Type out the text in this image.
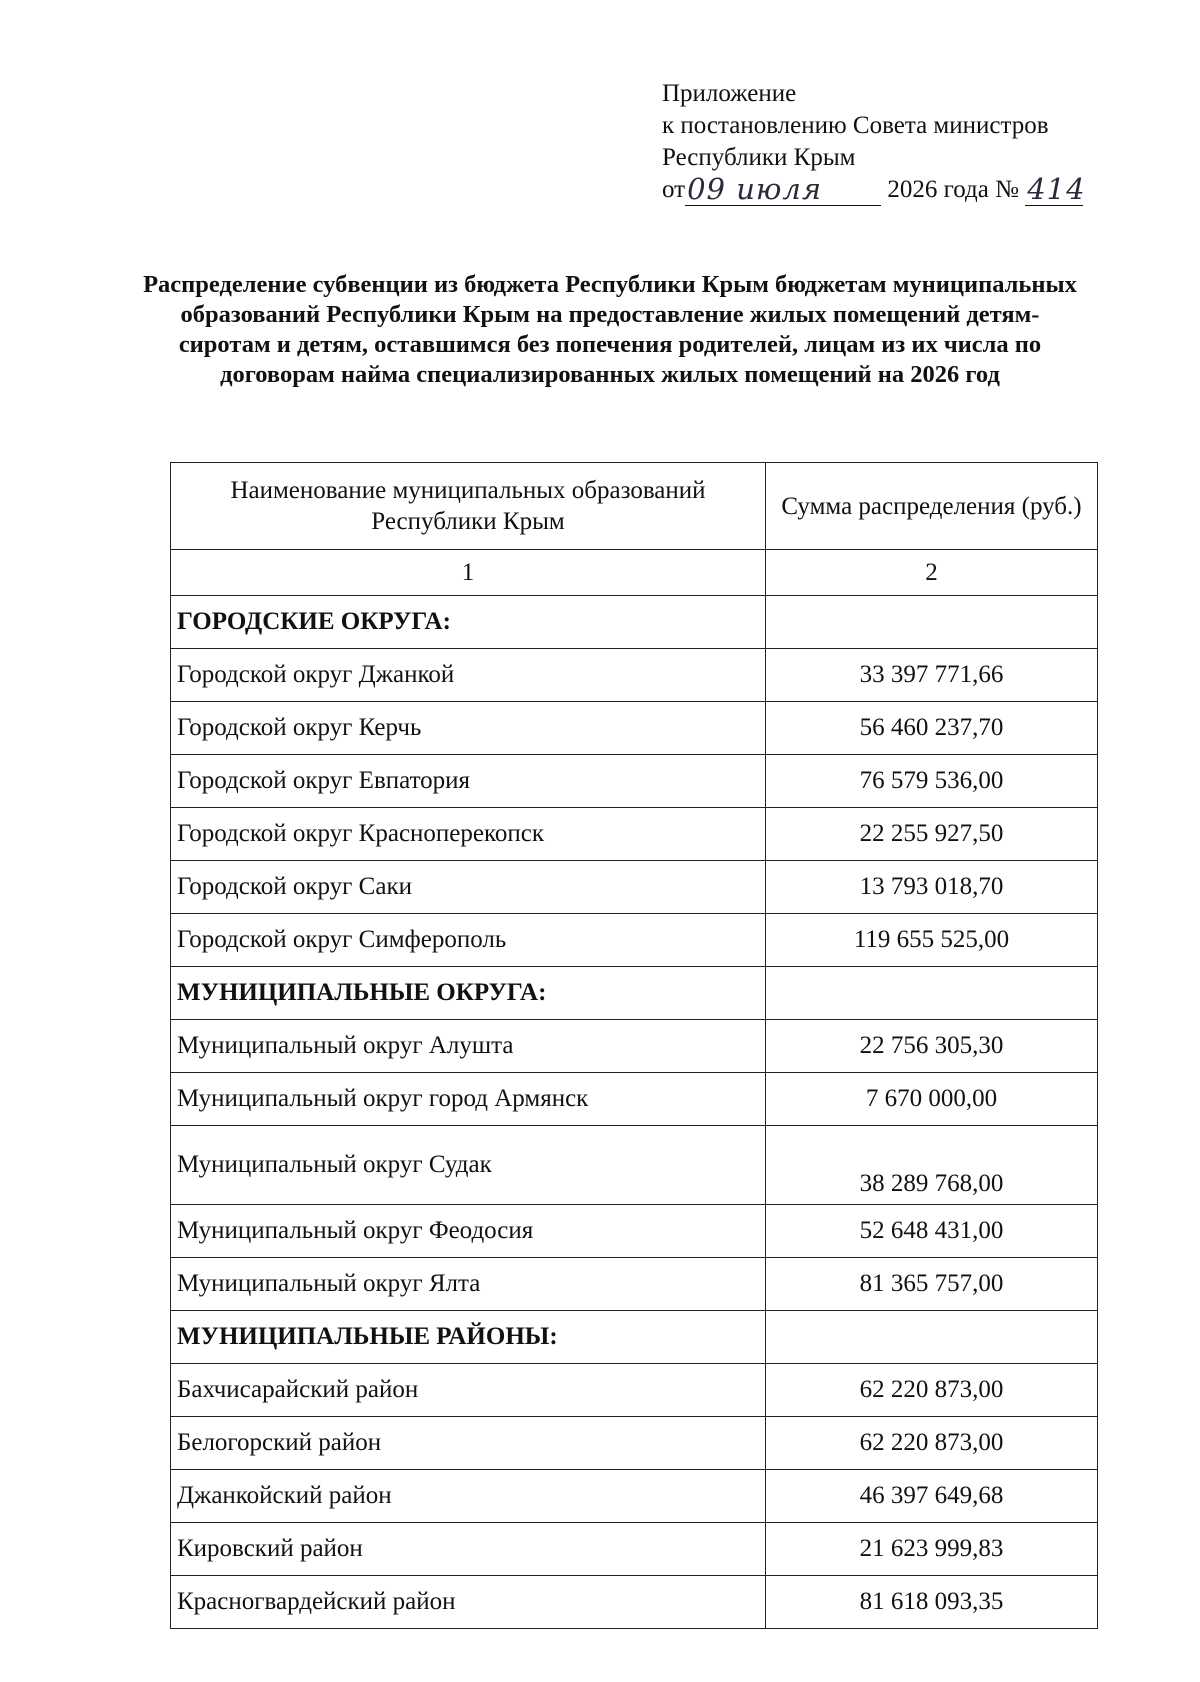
Приложение
к постановлению Совета министров
Республики Крым
от 09 июля	2026 года № 414
Распределение субвенции из бюджета Республики Крым бюджетам муниципальных образований Республики Крым на предоставление жилых помещений детям-сиротам и детям, оставшимся без попечения родителей, лицам из их числа по договорам найма специализированных жилых помещений на 2026 год
Наименование муниципальных образований Республики Крым	Сумма распределения (руб.)
1	2
ГОРОДСКИЕ ОКРУГА:	
Городской округ Джанкой	33 397 771,66
Городской округ Керчь	56 460 237,70
Городской округ Евпатория	76 579 536,00
Городской округ Красноперекопск	22 255 927,50
Городской округ Саки	13 793 018,70
Городской округ Симферополь	119 655 525,00
МУНИЦИПАЛЬНЫЕ ОКРУГА:	
Муниципальный округ Алушта	22 756 305,30
Муниципальный округ город Армянск	7 670 000,00
Муниципальный округ Судак	38 289 768,00
Муниципальный округ Феодосия	52 648 431,00
Муниципальный округ Ялта	81 365 757,00
МУНИЦИПАЛЬНЫЕ РАЙОНЫ:	
Бахчисарайский район	62 220 873,00
Белогорский район	62 220 873,00
Джанкойский район	46 397 649,68
Кировский район	21 623 999,83
Красногвардейский район	81 618 093,35
